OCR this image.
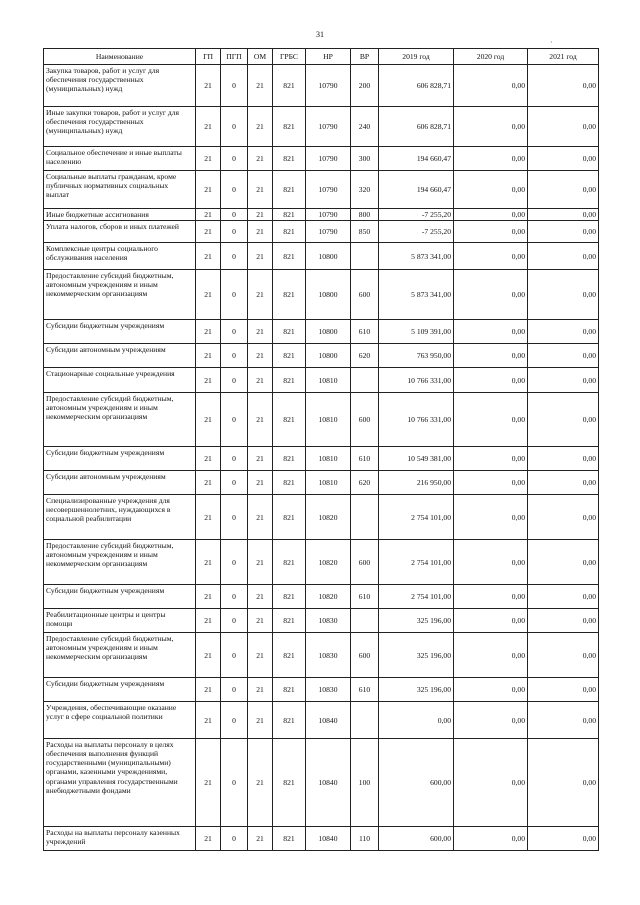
31
·
Наименование	ГП	ПГП	ОМ	ГРБС	НР	ВР	2019 год	2020 год	2021 год
Закупка товаров, работ и услуг для обеспечения государственных (муниципальных) нужд	21	0	21	821	10790	200	606 828,71	0,00	0,00
Иные закупки товаров, работ и услуг для обеспечения государственных (муниципальных) нужд	21	0	21	821	10790	240	606 828,71	0,00	0,00
Социальное обеспечение и иные выплаты населению	21	0	21	821	10790	300	194 660,47	0,00	0,00
Социальные выплаты гражданам, кроме публичных нормативных социальных выплат	21	0	21	821	10790	320	194 660,47	0,00	0,00
Иные бюджетные ассигнования	21	0	21	821	10790	800	-7 255,20	0,00	0,00
Уплата налогов, сборов и иных платежей	21	0	21	821	10790	850	-7 255,20	0,00	0,00
Комплексные центры социального обслуживания населения	21	0	21	821	10800		5 873 341,00	0,00	0,00
Предоставление субсидий бюджетным, автономным учреждениям и иным некоммерческим организациям	21	0	21	821	10800	600	5 873 341,00	0,00	0,00
Субсидии бюджетным учреждениям	21	0	21	821	10800	610	5 109 391,00	0,00	0,00
Субсидии автономным учреждениям	21	0	21	821	10800	620	763 950,00	0,00	0,00
Стационарные социальные учреждения	21	0	21	821	10810		10 766 331,00	0,00	0,00
Предоставление субсидий бюджетным, автономным учреждениям и иным некоммерческим организациям	21	0	21	821	10810	600	10 766 331,00	0,00	0,00
Субсидии бюджетным учреждениям	21	0	21	821	10810	610	10 549 381,00	0,00	0,00
Субсидии автономным учреждениям	21	0	21	821	10810	620	216 950,00	0,00	0,00
Специализированные учреждения для несовершеннолетних, нуждающихся в социальной реабилитации	21	0	21	821	10820		2 754 101,00	0,00	0,00
Предоставление субсидий бюджетным, автономным учреждениям и иным некоммерческим организациям	21	0	21	821	10820	600	2 754 101,00	0,00	0,00
Субсидии бюджетным учреждениям	21	0	21	821	10820	610	2 754 101,00	0,00	0,00
Реабилитационные центры и центры помощи	21	0	21	821	10830		325 196,00	0,00	0,00
Предоставление субсидий бюджетным, автономным учреждениям и иным некоммерческим организациям	21	0	21	821	10830	600	325 196,00	0,00	0,00
Субсидии бюджетным учреждениям	21	0	21	821	10830	610	325 196,00	0,00	0,00
Учреждения, обеспечивающие оказание услуг в сфере социальной политики	21	0	21	821	10840		0,00	0,00	0,00
Расходы на выплаты персоналу в целях обеспечения выполнения функций государственными (муниципальными) органами, казенными учреждениями, органами управления государственными внебюджетными фондами	21	0	21	821	10840	100	600,00	0,00	0,00
Расходы на выплаты персоналу казенных учреждений	21	0	21	821	10840	110	600,00	0,00	0,00
